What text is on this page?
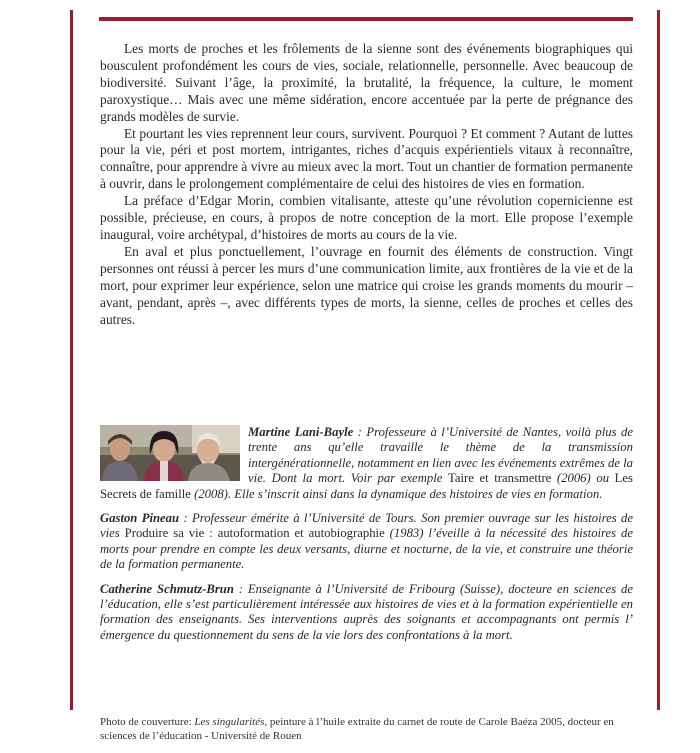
Les morts de proches et les frôlements de la sienne sont des événements biographiques qui bousculent profondément les cours de vies, sociale, relationnelle, personnelle. Avec beaucoup de biodiversité. Suivant l’âge, la proximité, la brutalité, la fréquence, la culture, le moment paroxystique… Mais avec une même sidération, encore accentuée par la perte de prégnance des grands modèles de survie.

Et pourtant les vies reprennent leur cours, survivent. Pourquoi ? Et comment ? Autant de luttes pour la vie, péri et post mortem, intrigantes, riches d’acquis expérientiels vitaux à reconnaître, connaître, pour apprendre à vivre au mieux avec la mort. Tout un chantier de formation permanente à ouvrir, dans le prolongement complémentaire de celui des histoires de vies en formation.

La préface d’Edgar Morin, combien vitalisante, atteste qu’une révolution copernicienne est possible, précieuse, en cours, à propos de notre conception de la mort. Elle propose l’exemple inaugural, voire archétypal, d’histoires de morts au cours de la vie.

En aval et plus ponctuellement, l’ouvrage en fournit des éléments de construction. Vingt personnes ont réussi à percer les murs d’une communication limite, aux frontières de la vie et de la mort, pour exprimer leur expérience, selon une matrice qui croise les grands moments du mourir – avant, pendant, après –, avec différents types de morts, la sienne, celles de proches et celles des autres.

Martine Lani-Bayle : Professeure à l’Université de Nantes, voilà plus de trente ans qu’elle travaille le thème de la transmission intergénérationnelle, notamment en lien avec les événements extrêmes de la vie. Dont la mort. Voir par exemple Taire et transmettre (2006) ou Les Secrets de famille (2008). Elle s’inscrit ainsi dans la dynamique des histoires de vies en formation.

Gaston Pineau : Professeur émérite à l’Université de Tours. Son premier ouvrage sur les histoires de vies Produire sa vie : autoformation et autobiographie (1983) l’éveille à la nécessité des histoires de morts pour prendre en compte les deux versants, diurne et nocturne, de la vie, et construire une théorie de la formation permanente.

Catherine Schmutz-Brun : Enseignante à l’Université de Fribourg (Suisse), docteure en sciences de l’éducation, elle s’est particulièrement intéressée aux histoires de vies et à la formation expérientielle en formation des enseignants. Ses interventions auprès des soignants et accompagnants ont permis l’ émergence du questionnement du sens de la vie lors des confrontations à la mort.

Photo de couverture: Les singularités, peinture à l’huile extraite du carnet de route de Carole Baéza 2005, docteur en sciences de l’éducation - Université de Rouen
